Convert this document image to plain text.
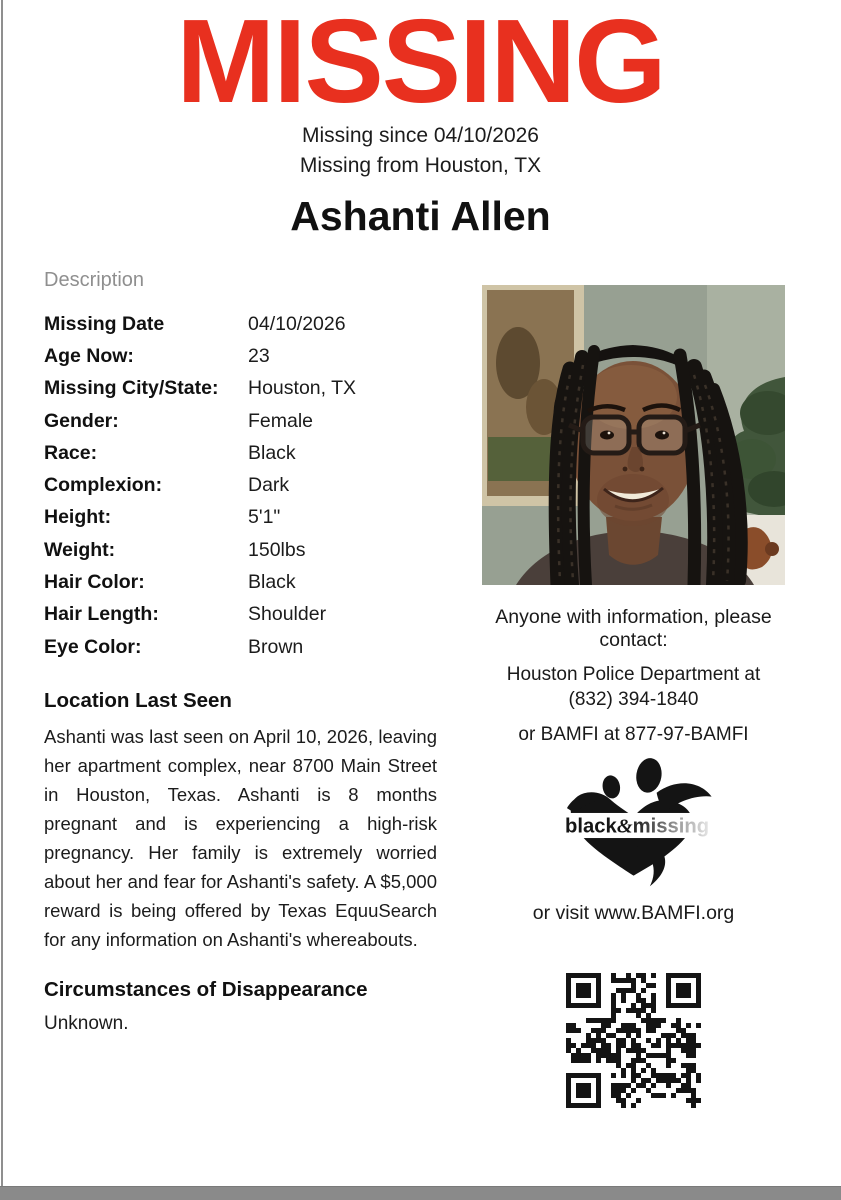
MISSING
Missing since 04/10/2026
Missing from Houston, TX
Ashanti Allen
Description
Missing Date	04/10/2026
Age Now:	23
Missing City/State:	Houston, TX
Gender:	Female
Race:	Black
Complexion:	Dark
Height:	5'1"
Weight:	150lbs
Hair Color:	Black
Hair Length:	Shoulder
Eye Color:	Brown
Location Last Seen
Ashanti was last seen on April 10, 2026, leaving her apartment complex, near 8700 Main Street in Houston, Texas. Ashanti is 8 months pregnant and is experiencing a high-risk pregnancy. Her family is extremely worried about her and fear for Ashanti's safety. A $5,000 reward is being offered by Texas EquuSearch for any information on Ashanti's whereabouts.
Circumstances of Disappearance
Unknown.
Anyone with information, please contact:
Houston Police Department at
(832) 394-1840
or BAMFI at 877-97-BAMFI
black&missing
or visit www.BAMFI.org
